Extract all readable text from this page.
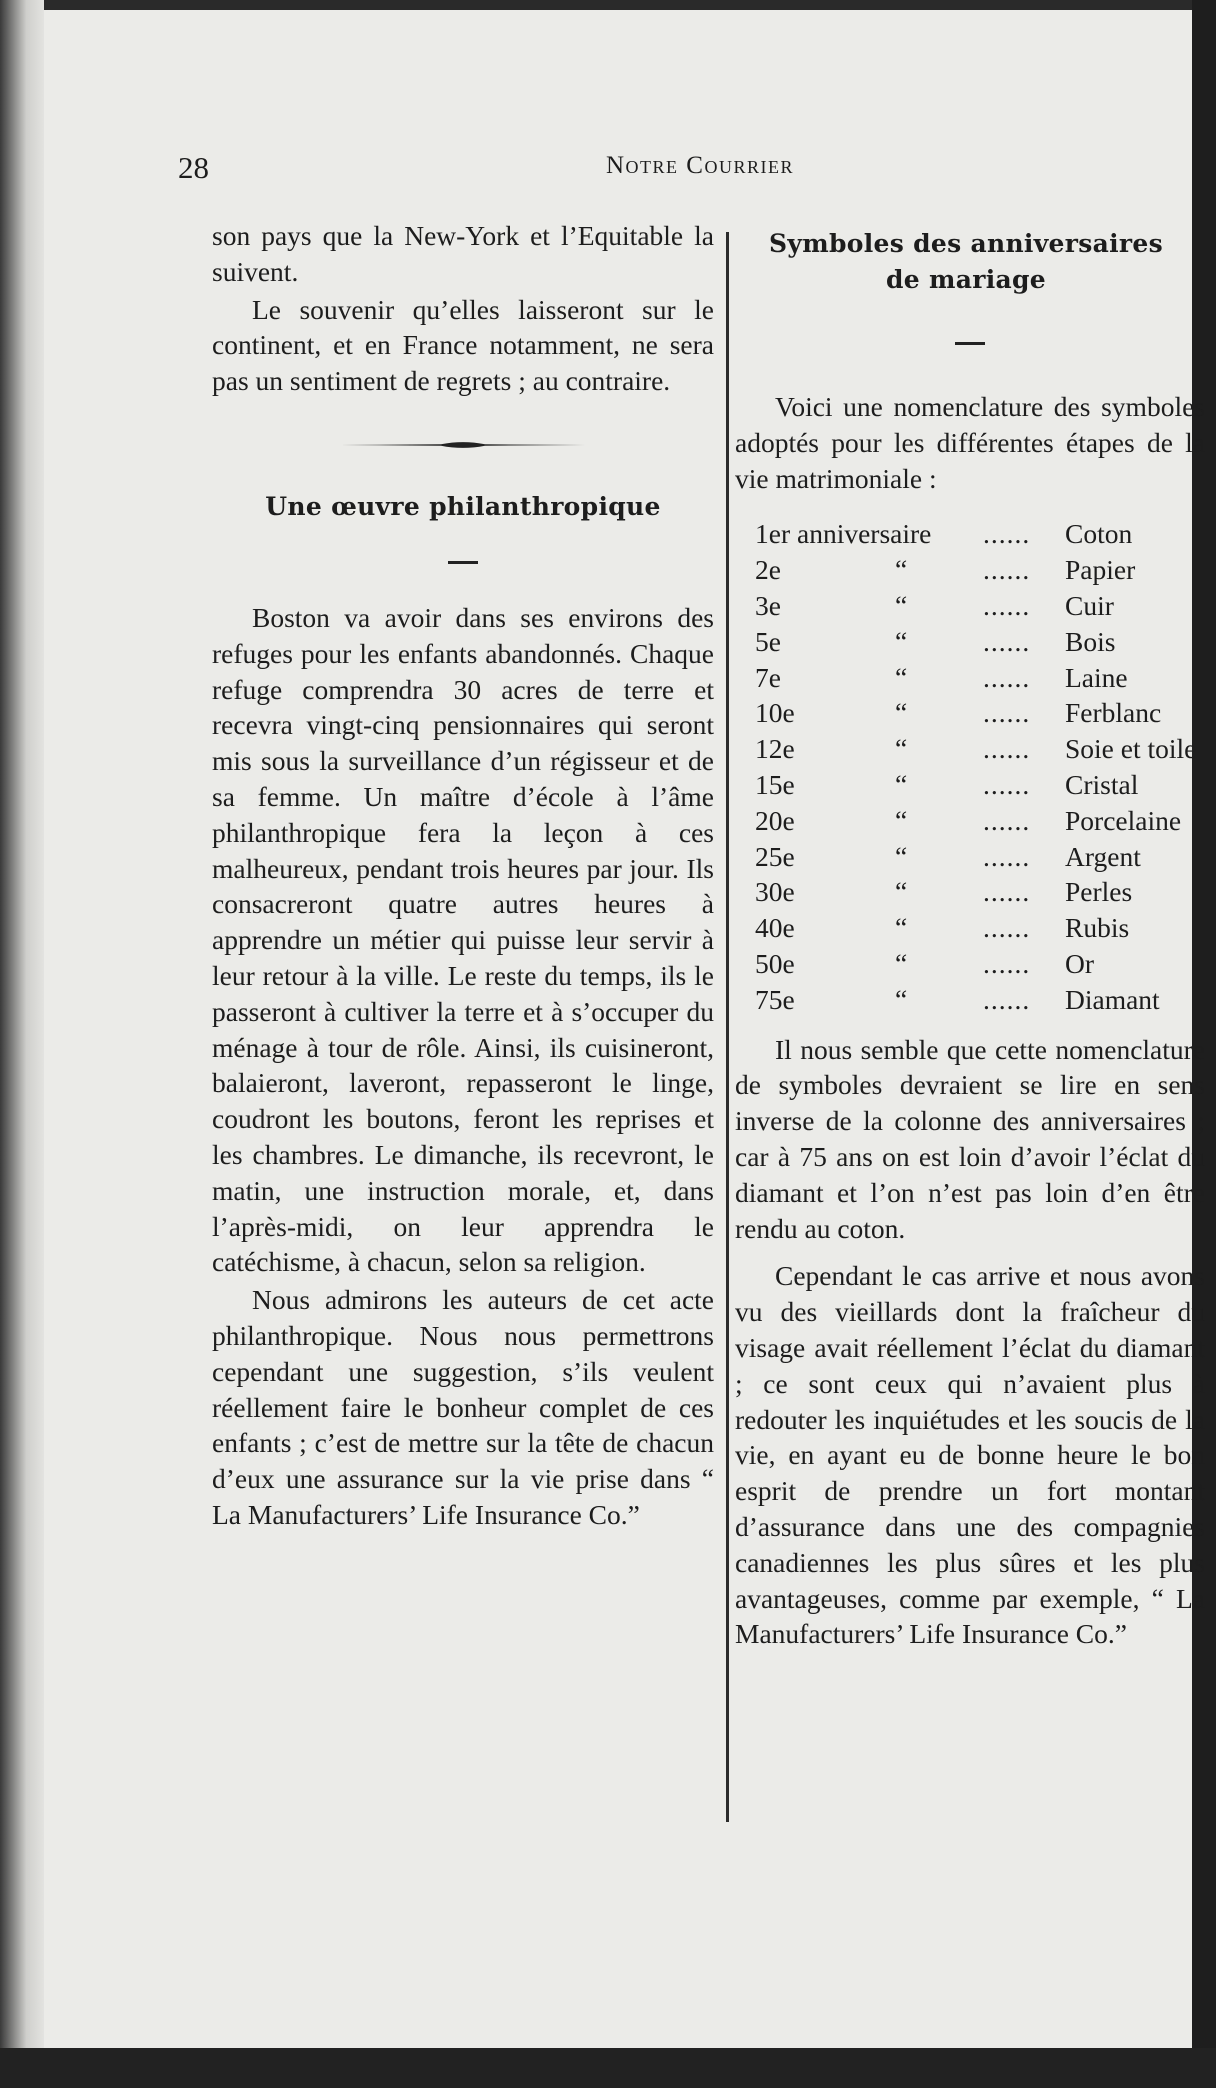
28	Notre Courrier

son pays que la New-York et l’Equitable la suivent.

Le souvenir qu’elles laisseront sur le continent, et en France notamment, ne sera pas un sentiment de regrets ; au contraire.

Une œuvre philanthropique

Boston va avoir dans ses environs des refuges pour les enfants abandonnés. Chaque refuge comprendra 30 acres de terre et recevra vingt-cinq pensionnaires qui seront mis sous la surveillance d’un régisseur et de sa femme. Un maître d’école à l’âme philanthropique fera la leçon à ces malheureux, pendant trois heures par jour. Ils consacreront quatre autres heures à apprendre un métier qui puisse leur servir à leur retour à la ville. Le reste du temps, ils le passeront à cultiver la terre et à s’occuper du ménage à tour de rôle. Ainsi, ils cuisineront, balaieront, laveront, repasseront le linge, coudront les boutons, feront les reprises et les chambres. Le dimanche, ils recevront, le matin, une instruction morale, et, dans l’après-midi, on leur apprendra le catéchisme, à chacun, selon sa religion.

Nous admirons les auteurs de cet acte philanthropique. Nous nous permettrons cependant une suggestion, s’ils veulent réellement faire le bonheur complet de ces enfants ; c’est de mettre sur la tête de chacun d’eux une assurance sur la vie prise dans “ La Manufacturers’ Life Insurance Co.”

Symboles des anniversaires
de mariage

Voici une nomenclature des symboles adoptés pour les différentes étapes de la vie matrimoniale :

1er anniversaire ...... Coton
2e	“	...... Papier
3e	“	...... Cuir
5e	“	...... Bois
7e	“	...... Laine
10e	“	...... Ferblanc
12e	“	...... Soie et toile
15e	“	...... Cristal
20e	“	...... Porcelaine
25e	“	...... Argent
30e	“	...... Perles
40e	“	...... Rubis
50e	“	...... Or
75e	“	...... Diamant

Il nous semble que cette nomenclature de symboles devraient se lire en sens inverse de la colonne des anniversaires ; car à 75 ans on est loin d’avoir l’éclat du diamant et l’on n’est pas loin d’en être rendu au coton.

Cependant le cas arrive et nous avons vu des vieillards dont la fraîcheur du visage avait réellement l’éclat du diamant ; ce sont ceux qui n’avaient plus à redouter les inquiétudes et les soucis de la vie, en ayant eu de bonne heure le bon esprit de prendre un fort montant d’assurance dans une des compagnies canadiennes les plus sûres et les plus avantageuses, comme par exemple, “ La Manufacturers’ Life Insurance Co.”
